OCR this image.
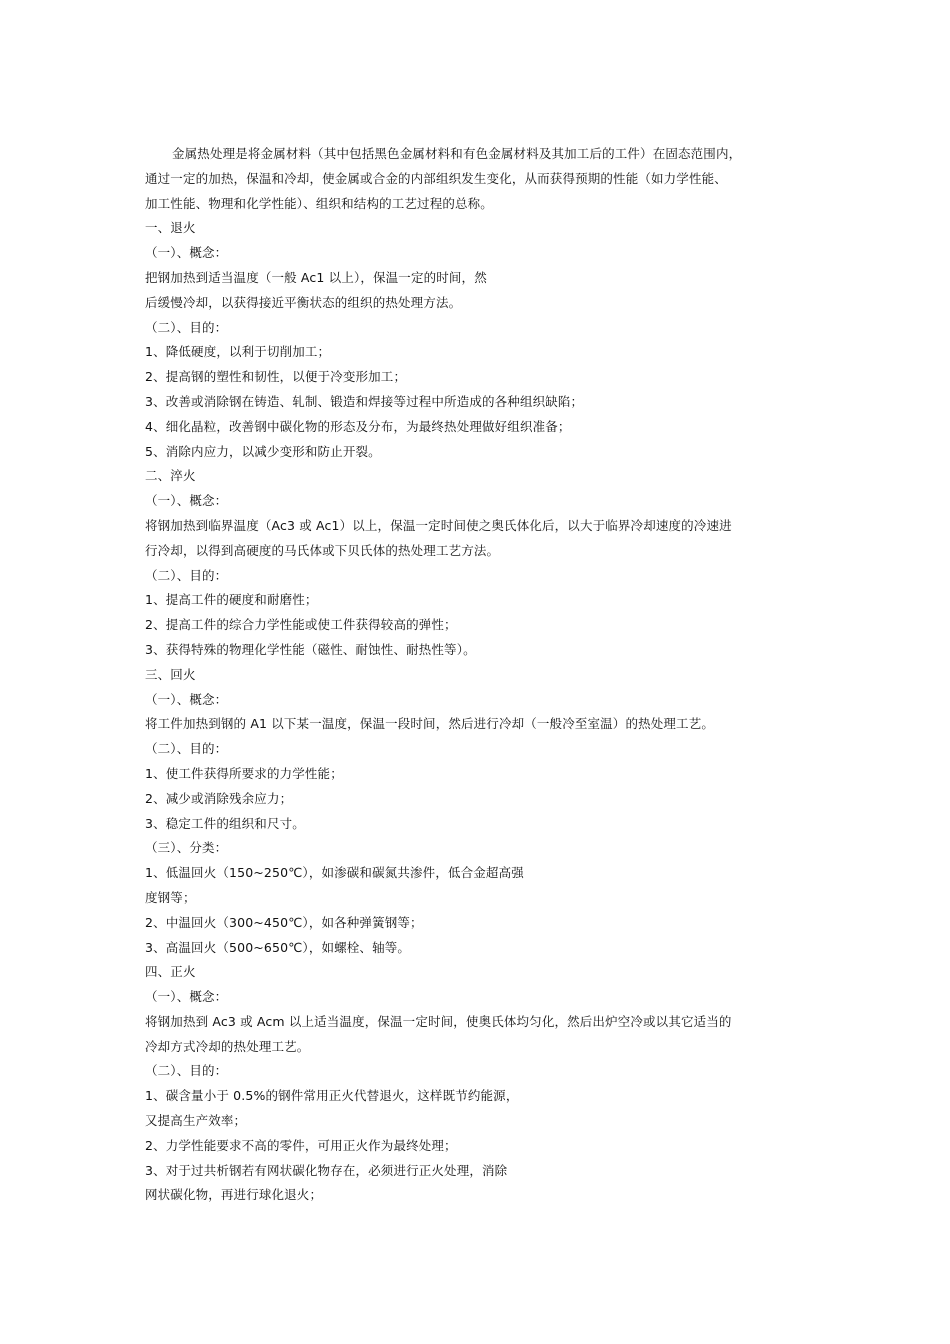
金属热处理是将金属材料（其中包括黑色金属材料和有色金属材料及其加工后的工件）在固态范围内，
通过一定的加热，保温和冷却，使金属或合金的内部组织发生变化，从而获得预期的性能（如力学性能、
加工性能、物理和化学性能）、组织和结构的工艺过程的总称。
一、退火
（一）、概念：
把钢加热到适当温度（一般 Ac1 以上），保温一定的时间，然
后缓慢冷却，以获得接近平衡状态的组织的热处理方法。
（二）、目的：
1、降低硬度，以利于切削加工；
2、提高钢的塑性和韧性，以便于冷变形加工；
3、改善或消除钢在铸造、轧制、锻造和焊接等过程中所造成的各种组织缺陷；
4、细化晶粒，改善钢中碳化物的形态及分布，为最终热处理做好组织准备；
5、消除内应力，以减少变形和防止开裂。
二、淬火
（一）、概念：
将钢加热到临界温度（Ac3 或 Ac1）以上，保温一定时间使之奥氏体化后，以大于临界冷却速度的冷速进
行冷却，以得到高硬度的马氏体或下贝氏体的热处理工艺方法。
（二）、目的：
1、提高工件的硬度和耐磨性；
2、提高工件的综合力学性能或使工件获得较高的弹性；
3、获得特殊的物理化学性能（磁性、耐蚀性、耐热性等）。
三、回火
（一）、概念：
将工件加热到钢的 A1 以下某一温度，保温一段时间，然后进行冷却（一般冷至室温）的热处理工艺。
（二）、目的：
1、使工件获得所要求的力学性能；
2、减少或消除残余应力；
3、稳定工件的组织和尺寸。
（三）、分类：
1、低温回火（150~250℃），如渗碳和碳氮共渗件，低合金超高强
度钢等；
2、中温回火（300~450℃），如各种弹簧钢等；
3、高温回火（500~650℃），如螺栓、轴等。
四、正火
（一）、概念：
将钢加热到 Ac3 或 Acm 以上适当温度，保温一定时间，使奥氏体均匀化，然后出炉空冷或以其它适当的
冷却方式冷却的热处理工艺。
（二）、目的：
1、碳含量小于 0.5%的钢件常用正火代替退火，这样既节约能源，
又提高生产效率；
2、力学性能要求不高的零件，可用正火作为最终处理；
3、对于过共析钢若有网状碳化物存在，必须进行正火处理，消除
网状碳化物，再进行球化退火；
